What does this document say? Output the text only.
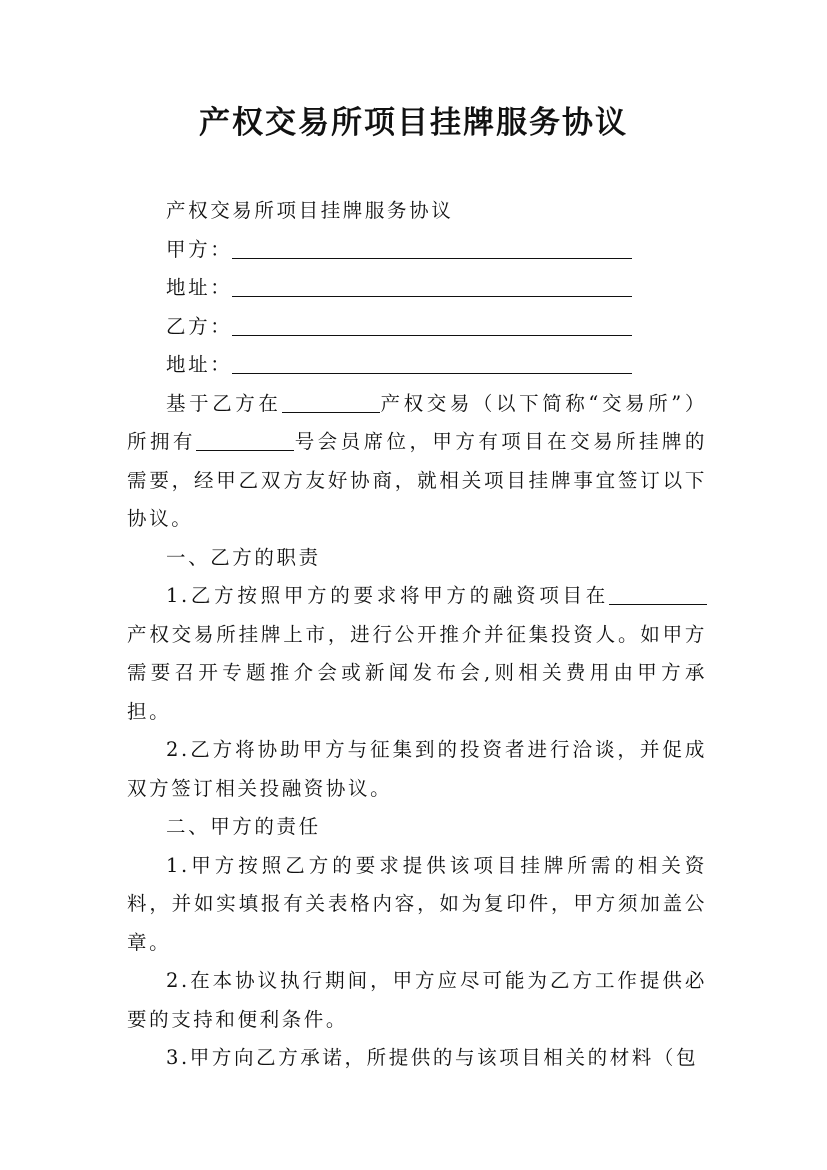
产权交易所项目挂牌服务协议

产权交易所项目挂牌服务协议

甲方：

地址：

乙方：

地址：

基于乙方在	产权交易（以下简称“交易所”）所拥有	号会员席位，甲方有项目在交易所挂牌的需要，经甲乙双方友好协商，就相关项目挂牌事宜签订以下协议。

一、乙方的职责

1.乙方按照甲方的要求将甲方的融资项目在产权交易所挂牌上市，进行公开推介并征集投资人。如甲方需要召开专题推介会或新闻发布会,则相关费用由甲方承担。

2.乙方将协助甲方与征集到的投资者进行洽谈，并促成双方签订相关投融资协议。

二、甲方的责任

1.甲方按照乙方的要求提供该项目挂牌所需的相关资料，并如实填报有关表格内容，如为复印件，甲方须加盖公章。

2.在本协议执行期间，甲方应尽可能为乙方工作提供必要的支持和便利条件。

3.甲方向乙方承诺，所提供的与该项目相关的材料（包
